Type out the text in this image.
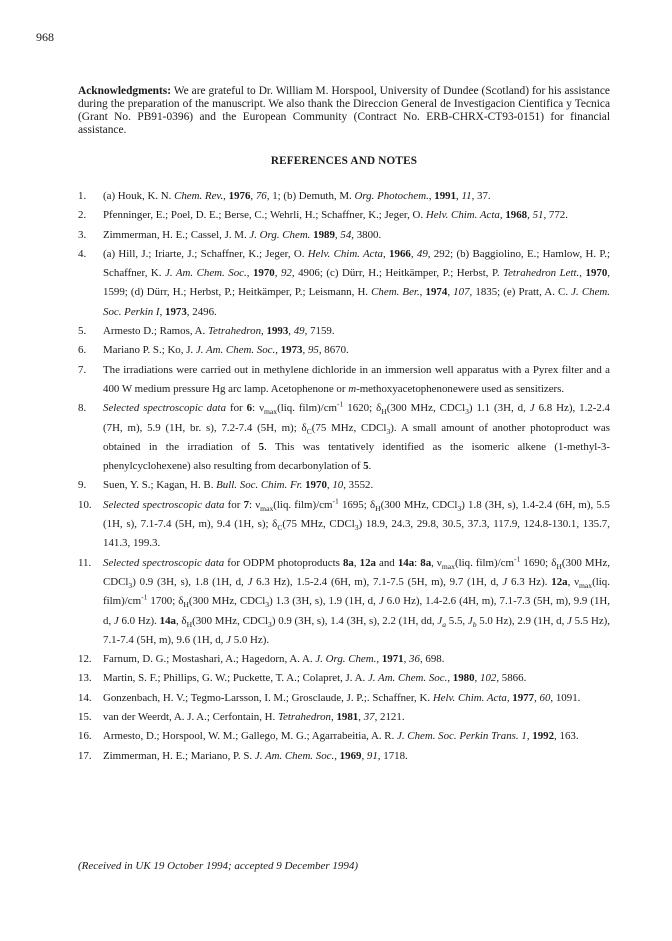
968
Acknowledgments: We are grateful to Dr. William M. Horspool, University of Dundee (Scotland) for his assistance during the preparation of the manuscript. We also thank the Direccion General de Investigacion Cientifica y Tecnica (Grant No. PB91-0396) and the European Community (Contract No. ERB-CHRX-CT93-0151) for financial assistance.
REFERENCES AND NOTES
1.	(a) Houk, K. N. Chem. Rev., 1976, 76, 1; (b) Demuth, M. Org. Photochem., 1991, 11, 37.
2.	Pfenninger, E.; Poel, D. E.; Berse, C.; Wehrli, H.; Schaffner, K.; Jeger, O. Helv. Chim. Acta, 1968, 51, 772.
3.	Zimmerman, H. E.; Cassel, J. M. J. Org. Chem. 1989, 54, 3800.
4.	(a) Hill, J.; Iriarte, J.; Schaffner, K.; Jeger, O. Helv. Chim. Acta, 1966, 49, 292; (b) Baggiolino, E.; Hamlow, H. P.; Schaffner, K. J. Am. Chem. Soc., 1970, 92, 4906; (c) Dürr, H.; Heitkämper, P.; Herbst, P. Tetrahedron Lett., 1970, 1599; (d) Dürr, H.; Herbst, P.; Heitkämper, P.; Leismann, H. Chem. Ber., 1974, 107, 1835; (e) Pratt, A. C. J. Chem. Soc. Perkin I, 1973, 2496.
5.	Armesto D.; Ramos, A. Tetrahedron, 1993, 49, 7159.
6.	Mariano P. S.; Ko, J. J. Am. Chem. Soc., 1973, 95, 8670.
7.	The irradiations were carried out in methylene dichloride in an immersion well apparatus with a Pyrex filter and a 400 W medium pressure Hg arc lamp. Acetophenone or m-methoxyacetophenonewere used as sensitizers.
8.	Selected spectroscopic data for 6: $\nu_{max}(liq$. $film)/cm^{-1}$ 1620; $\delta_H(300$ MHz, CDCl$_3$) 1.1 (3H, d, J 6.8 Hz), 1.2-2.4 (7H, m), 5.9 (1H, br. s), 7.2-7.4 (5H, m); $\delta_C(75$ MHz, CDCl$_3$). A small amount of another photoproduct was obtained in the irradiation of 5. This was tentatively identified as the isomeric alkene (1-methyl-3-phenylcyclohexene) also resulting from decarbonylation of 5.
9.	Suen, Y. S.; Kagan, H. B. Bull. Soc. Chim. Fr. 1970, 10, 3552.
10.	Selected spectroscopic data for 7: $\nu_{max}(liq$. $film)/cm^{-1}$ 1695; $\delta_H(300$ MHz, CDCl$_3$) 1.8 (3H, s), 1.4-2.4 (6H, m), 5.5 (1H, s), 7.1-7.4 (5H, m), 9.4 (1H, s); $\delta_C(75$ MHz, CDCl$_3$) 18.9, 24.3, 29.8, 30.5, 37.3, 117.9, 124.8-130.1, 135.7, 141.3, 199.3.
11.	Selected spectroscopic data for ODPM photoproducts 8a, 12a and 14a: 8a, $\nu_{max}(liq$. $film)/cm^{-1}$ 1690; $\delta_H(300$ MHz, CDCl$_3$) 0.9 (3H, s), 1.8 (1H, d, J 6.3 Hz), 1.5-2.4 (6H, m), 7.1-7.5 (5H, m), 9.7 (1H, d, J 6.3 Hz). 12a, $\nu_{max}(liq$. $film)/cm^{-1}$ 1700; $\delta_H(300$ MHz, CDCl$_3$) 1.3 (3H, s), 1.9 (1H, d, J 6.0 Hz), 1.4-2.6 (4H, m), 7.1-7.3 (5H, m), 9.9 (1H, d, J 6.0 Hz). 14a, $\delta_H(300$ MHz, CDCl$_3$) 0.9 (3H, s), 1.4 (3H, s), 2.2 (1H, dd, $J_a$ 5.5, $J_b$ 5.0 Hz), 2.9 (1H, d, J 5.5 Hz), 7.1-7.4 (5H, m), 9.6 (1H, d, J 5.0 Hz).
12.	Farnum, D. G.; Mostashari, A.; Hagedorn, A. A. J. Org. Chem., 1971, 36, 698.
13.	Martin, S. F.; Phillips, G. W.; Puckette, T. A.; Colapret, J. A. J. Am. Chem. Soc., 1980, 102, 5866.
14.	Gonzenbach, H. V.; Tegmo-Larsson, I. M.; Grosclaude, J. P.;. Schaffner, K. Helv. Chim. Acta, 1977, 60, 1091.
15.	van der Weerdt, A. J. A.; Cerfontain, H. Tetrahedron, 1981, 37, 2121.
16.	Armesto, D.; Horspool, W. M.; Gallego, M. G.; Agarrabeitia, A. R. J. Chem. Soc. Perkin Trans. 1, 1992, 163.
17.	Zimmerman, H. E.; Mariano, P. S. J. Am. Chem. Soc., 1969, 91, 1718.
(Received in UK 19 October 1994; accepted 9 December 1994)
